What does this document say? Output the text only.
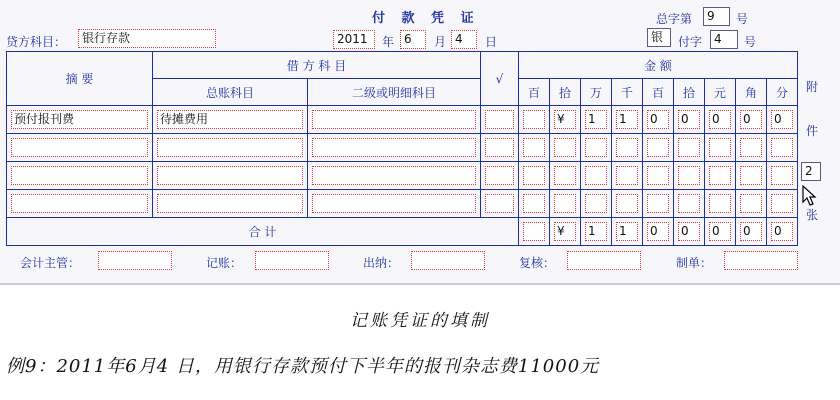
付 款 凭 证	总字第	9	号
贷方科目：	银行存款	2011	年 6	月 4	日	银	付字 4	号
摘 要	借 方 科 目		√	金 额								
	总账科目	二级或明细科目		百	拾	万	千	百	拾	元	角	分

预付报刊费	待摊费用				¥	1	1	0	0	0	0	0

合 计					¥	1	1	0	0	0	0	0
附
件
2
张
会计主管：	记账：	出纳：	复核：	制单：
记账凭证的填制
例9：2011年6月4 日，用银行存款预付下半年的报刊杂志费11000元
